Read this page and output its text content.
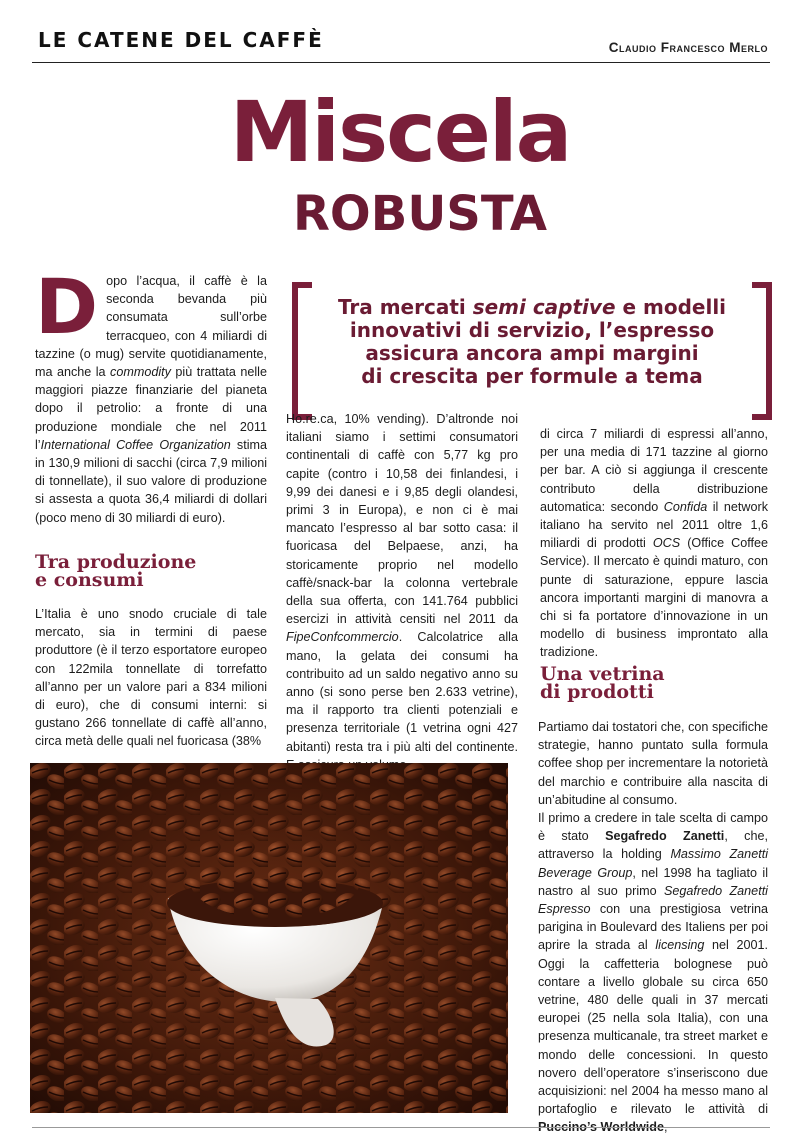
LE CATENE DEL CAFFÈ	Claudio Francesco Merlo
Miscela
ROBUSTA
D opo l’acqua, il caffè è la seconda bevanda più consumata sull’orbe terracqueo, con 4 miliardi di tazzine (o mug) servite quotidianamente, ma anche la commodity più trattata nelle maggiori piazze finanziarie del pianeta dopo il petrolio: a fronte di una produzione mondiale che nel 2011 l’International Coffee Organization stima in 130,9 milioni di sacchi (circa 7,9 milioni di tonnellate), il suo valore di produzione si assesta a quota 36,4 miliardi di dollari (poco meno di 30 miliardi di euro).
Tra produzione
e consumi

L’Italia è uno snodo cruciale di tale mercato, sia in termini di paese produttore (è il terzo esportatore europeo con 122mila tonnellate di torrefatto all’anno per un valore pari a 834 milioni di euro), che di consumi interni: si gustano 266 tonnellate di caffè all’anno, circa metà delle quali nel fuoricasa (38%

Tra mercati semi captive e modelli
innovativi di servizio, l’espresso
assicura ancora ampi margini
di crescita per formule a tema
Ho.re.ca, 10% vending). D’altronde noi italiani siamo i settimi consumatori continentali di caffè con 5,77 kg pro capite (contro i 10,58 dei finlandesi, i 9,99 dei danesi e i 9,85 degli olandesi, primi 3 in Europa), e non ci è mai mancato l’espresso al bar sotto casa: il fuoricasa del Belpaese, anzi, ha storicamente proprio nel modello caffè/snack-bar la colonna vertebrale della sua offerta, con 141.764 pubblici esercizi in attività censiti nel 2011 da FipeConfcommercio. Calcolatrice alla mano, la gelata dei consumi ha contribuito ad un saldo negativo anno su anno (si sono perse ben 2.633 vetrine), ma il rapporto tra clienti potenziali e presenza territoriale (1 vetrina ogni 427 abitanti) resta tra i più alti del continente.
di circa 7 miliardi di espressi all’anno, per una media di 171 tazzine al giorno per bar. A ciò si aggiunga il crescente contributo della distribuzione automatica: secondo Confida il network italiano ha servito nel 2011 oltre 1,6 miliardi di prodotti OCS (Office Coffee Service). Il mercato è quindi maturo, con punte di saturazione, eppure lascia ancora importanti margini di manovra a chi si fa portatore d’innovazione in un modello di business improntato alla tradizione.
Una vetrina
di prodotti

Partiamo dai tostatori che, con specifiche strategie, hanno puntato sulla formula coffee shop per incrementare la notorietà del marchio e contribuire alla nascita di un’abitudine al consumo.

Il primo a credere in tale scelta di campo è stato Segafredo Zanetti, che, attraverso la holding Massimo Zanetti Beverage Group, nel 1998 ha tagliato il nastro al suo primo Segafredo Zanetti Espresso con una prestigiosa vetrina parigina in Boulevard des Italiens per poi aprire la strada al licensing nel 2001. Oggi la caffetteria bolognese può contare a livello globale su circa 650 vetrine, 480 delle quali in 37 mercati europei (25 nella sola Italia), con una presenza multicanale, tra street market e mondo delle concessioni. In questo novero dell’operatore s’inseriscono due acquisizioni: nel 2004 ha messo mano al portafoglio e rilevato le attività di Puccino’s Worldwide,
